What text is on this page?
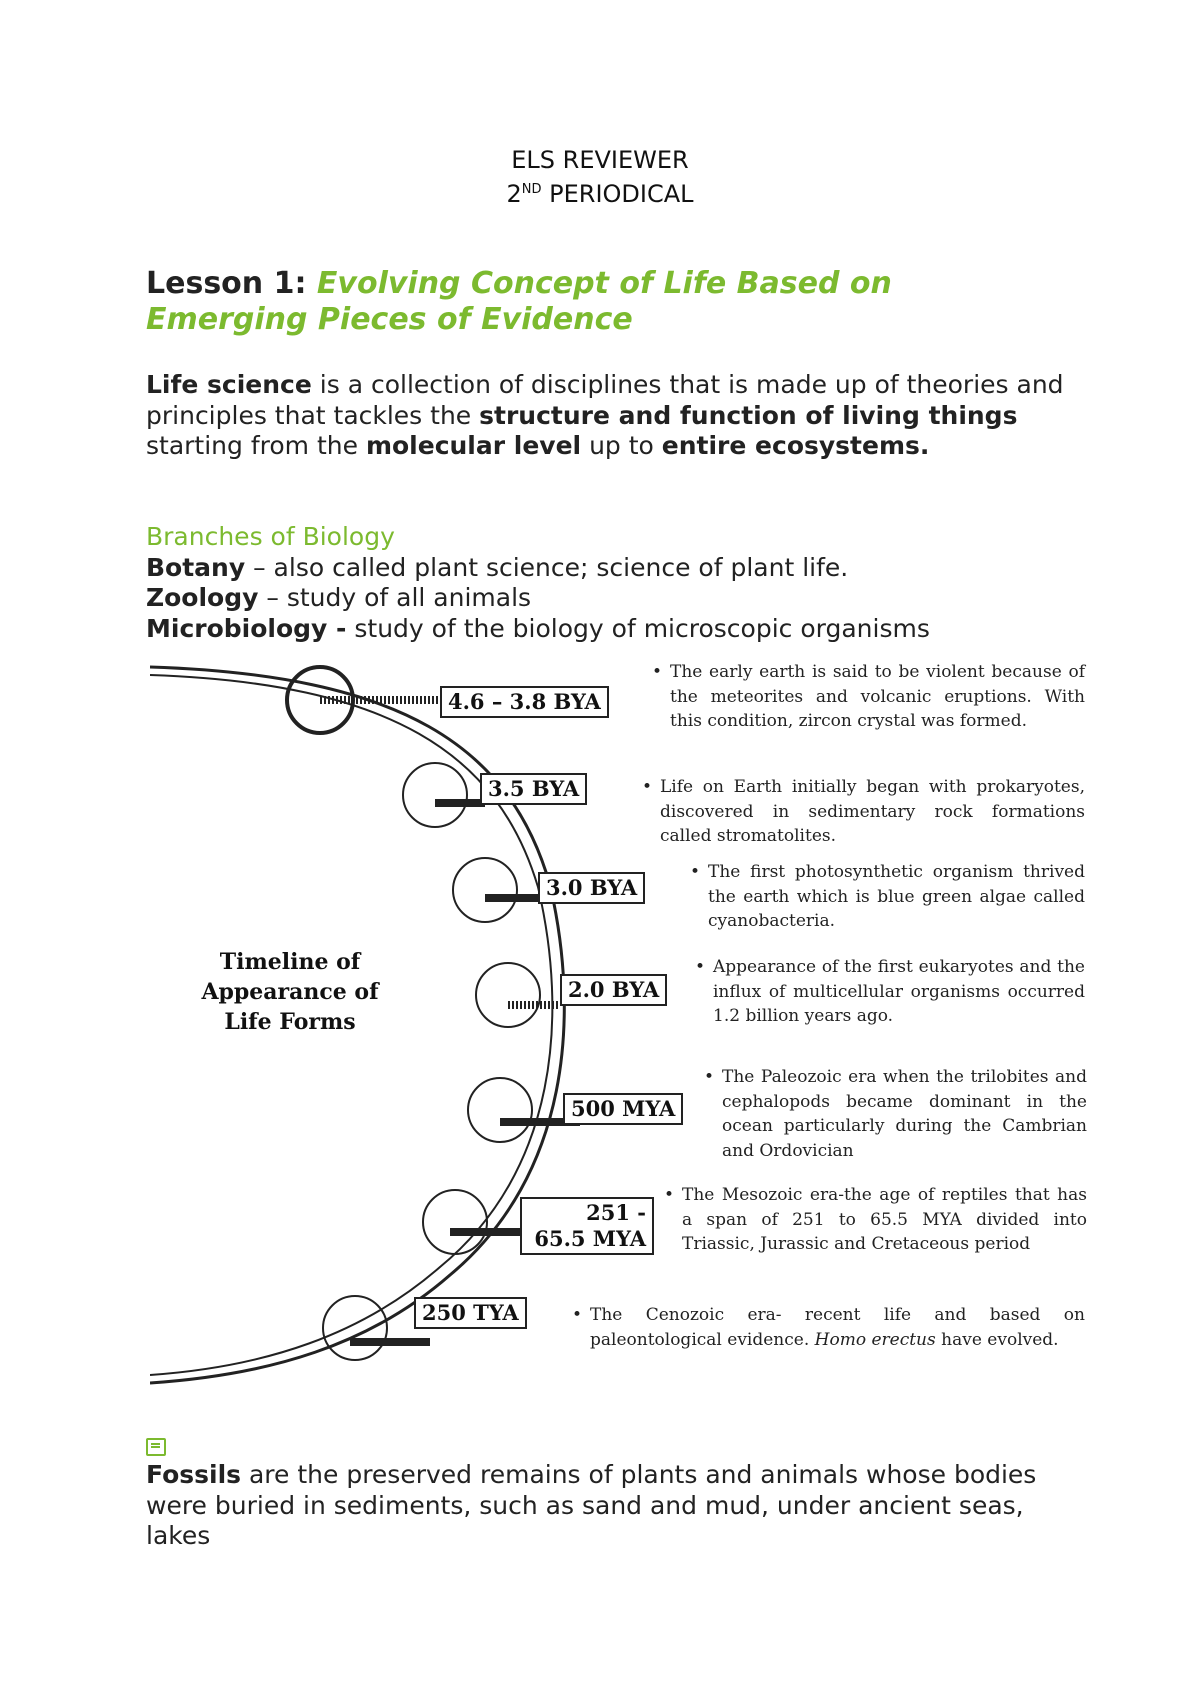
ELS REVIEWER
2ND PERIODICAL
Lesson 1: Evolving Concept of Life Based on
Emerging Pieces of Evidence
Life science is a collection of disciplines that is made up of theories and principles that tackles the structure and function of living things starting from the molecular level up to entire ecosystems.
Branches of Biology
Botany – also called plant science; science of plant life.
Zoology – study of all animals
Microbiology - study of the biology of microscopic organisms
Timeline of
Appearance of
Life Forms
4.6 – 3.8 BYA
• The early earth is said to be violent because of the meteorites and volcanic eruptions. With this condition, zircon crystal was formed.
3.5 BYA	• Life on Earth initially began with prokaryotes, discovered in sedimentary rock formations called stromatolites.
3.0 BYA
• The first photosynthetic organism thrived the earth which is blue green algae called cyanobacteria.
2.0 BYA
• Appearance of the first eukaryotes and the influx of multicellular organisms occurred 1.2 billion years ago.
500 MYA
• The Paleozoic era when the trilobites and cephalopods became dominant in the ocean particularly during the Cambrian and Ordovician
251 - 65.5 MYA
• The Mesozoic era-the age of reptiles that has a span of 251 to 65.5 MYA divided into Triassic, Jurassic and Cretaceous period
250 TYA	• The Cenozoic era- recent life and based on paleontological evidence. Homo erectus have evolved.
Fossils are the preserved remains of plants and animals whose bodies were buried in sediments, such as sand and mud, under ancient seas, lakes
